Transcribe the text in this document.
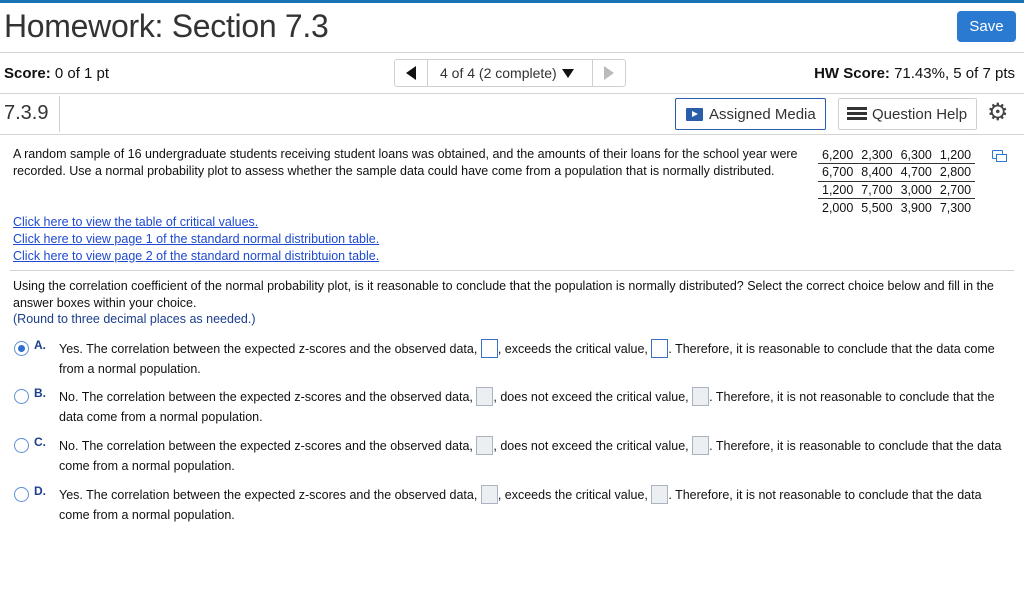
Homework: Section 7.3	Save
Score: 0 of 1 pt	4 of 4 (2 complete)	HW Score: 71.43%, 5 of 7 pts
7.3.9	Assigned Media	Question Help ⚙
A random sample of 16 undergraduate students receiving student loans was obtained, and the amounts of their loans for the school year were recorded. Use a normal probability plot to assess whether the sample data could have come from a population that is normally distributed.
6,200	2,300	6,300	1,200
6,700	8,400	4,700	2,800
1,200	7,700	3,000	2,700
2,000	5,500	3,900	7,300
Click here to view the table of critical values.
Click here to view page 1 of the standard normal distribution table.
Click here to view page 2 of the standard normal distribtuion table.
Using the correlation coefficient of the normal probability plot, is it reasonable to conclude that the population is normally distributed? Select the correct choice below and fill in the answer boxes within your choice.
(Round to three decimal places as needed.)
A. Yes. The correlation between the expected z-scores and the observed data, , exceeds the critical value, . Therefore, it is reasonable to conclude that the data come from a normal population.
B. No. The correlation between the expected z-scores and the observed data, , does not exceed the critical value, . Therefore, it is not reasonable to conclude that the data come from a normal population.
C. No. The correlation between the expected z-scores and the observed data, , does not exceed the critical value, . Therefore, it is reasonable to conclude that the data come from a normal population.
D. Yes. The correlation between the expected z-scores and the observed data, , exceeds the critical value, . Therefore, it is not reasonable to conclude that the data come from a normal population.
